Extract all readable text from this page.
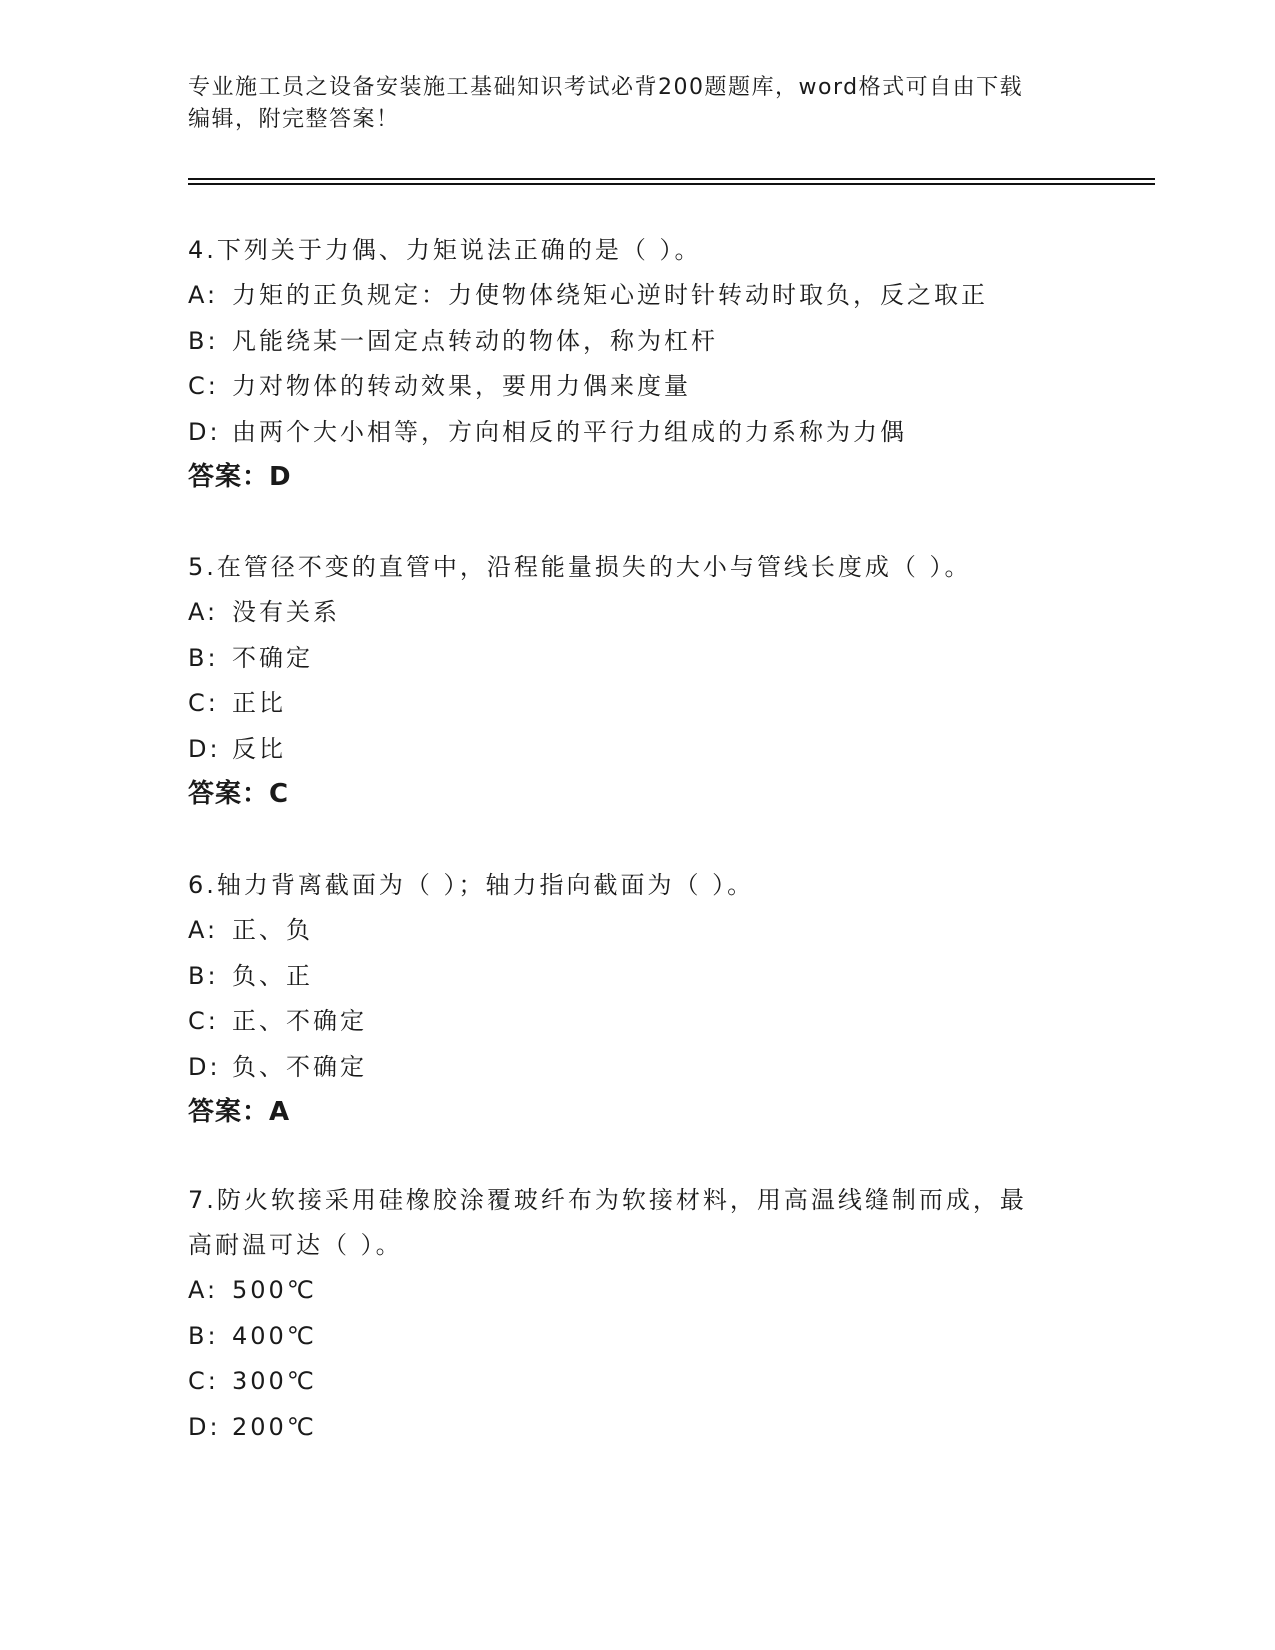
专业施工员之设备安装施工基础知识考试必背200题题库，word格式可自由下载
编辑，附完整答案！
4.下列关于力偶、力矩说法正确的是（ ）。
A: 力矩的正负规定：力使物体绕矩心逆时针转动时取负，反之取正
B: 凡能绕某一固定点转动的物体，称为杠杆
C: 力对物体的转动效果，要用力偶来度量
D: 由两个大小相等，方向相反的平行力组成的力系称为力偶
答案：D
5.在管径不变的直管中，沿程能量损失的大小与管线长度成（ ）。
A: 没有关系
B: 不确定
C: 正比
D: 反比
答案：C
6.轴力背离截面为（ ）；轴力指向截面为（ ）。
A: 正、负
B: 负、正
C: 正、不确定
D: 负、不确定
答案：A
7.防火软接采用硅橡胶涂覆玻纤布为软接材料，用高温线缝制而成，最高耐温可达（ ）。
A: 500℃
B: 400℃
C: 300℃
D: 200℃
